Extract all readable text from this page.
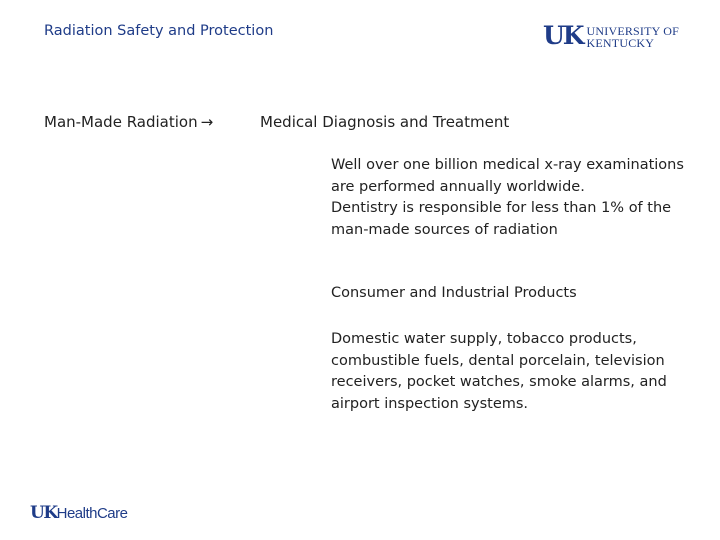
Radiation Safety and Protection	UK UNIVERSITY OF KENTUCKY
Man-Made Radiation →	Medical Diagnosis and Treatment
Well over one billion medical x-ray examinations are performed annually worldwide.
Dentistry is responsible for less than 1% of the man-made sources of radiation
Consumer and Industrial Products
Domestic water supply, tobacco products, combustible fuels, dental porcelain, television receivers, pocket watches, smoke alarms, and airport inspection systems.
UK HealthCare
